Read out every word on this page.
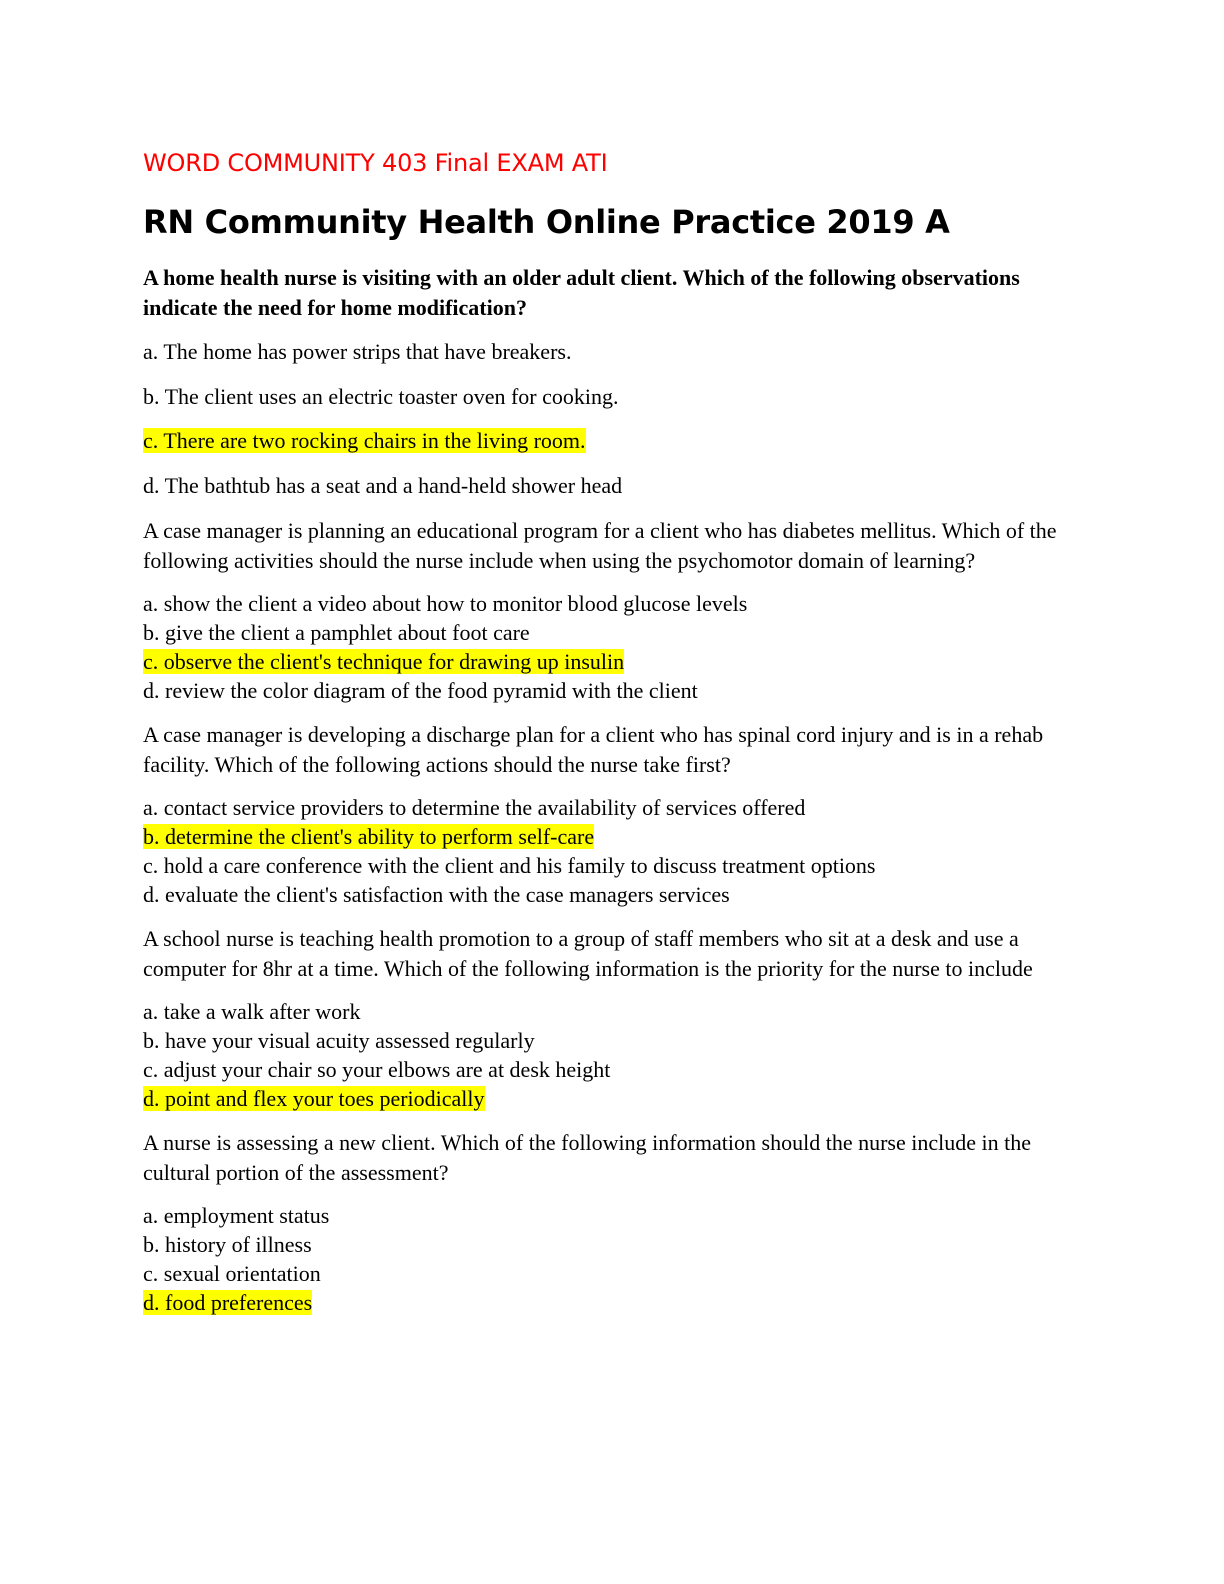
WORD COMMUNITY 403 Final EXAM ATI

RN Community Health Online Practice 2019 A

A home health nurse is visiting with an older adult client. Which of the following observations indicate the need for home modification?

a. The home has power strips that have breakers.

b. The client uses an electric toaster oven for cooking.

c. There are two rocking chairs in the living room.

d. The bathtub has a seat and a hand-held shower head

A case manager is planning an educational program for a client who has diabetes mellitus. Which of the following activities should the nurse include when using the psychomotor domain of learning?

a. show the client a video about how to monitor blood glucose levels

b. give the client a pamphlet about foot care

c. observe the client's technique for drawing up insulin

d. review the color diagram of the food pyramid with the client

A case manager is developing a discharge plan for a client who has spinal cord injury and is in a rehab facility. Which of the following actions should the nurse take first?

a. contact service providers to determine the availability of services offered

b. determine the client's ability to perform self-care

c. hold a care conference with the client and his family to discuss treatment options

d. evaluate the client's satisfaction with the case managers services

A school nurse is teaching health promotion to a group of staff members who sit at a desk and use a computer for 8hr at a time. Which of the following information is the priority for the nurse to include

a. take a walk after work

b. have your visual acuity assessed regularly

c. adjust your chair so your elbows are at desk height

d. point and flex your toes periodically

A nurse is assessing a new client. Which of the following information should the nurse include in the cultural portion of the assessment?

a. employment status

b. history of illness

c. sexual orientation

d. food preferences
